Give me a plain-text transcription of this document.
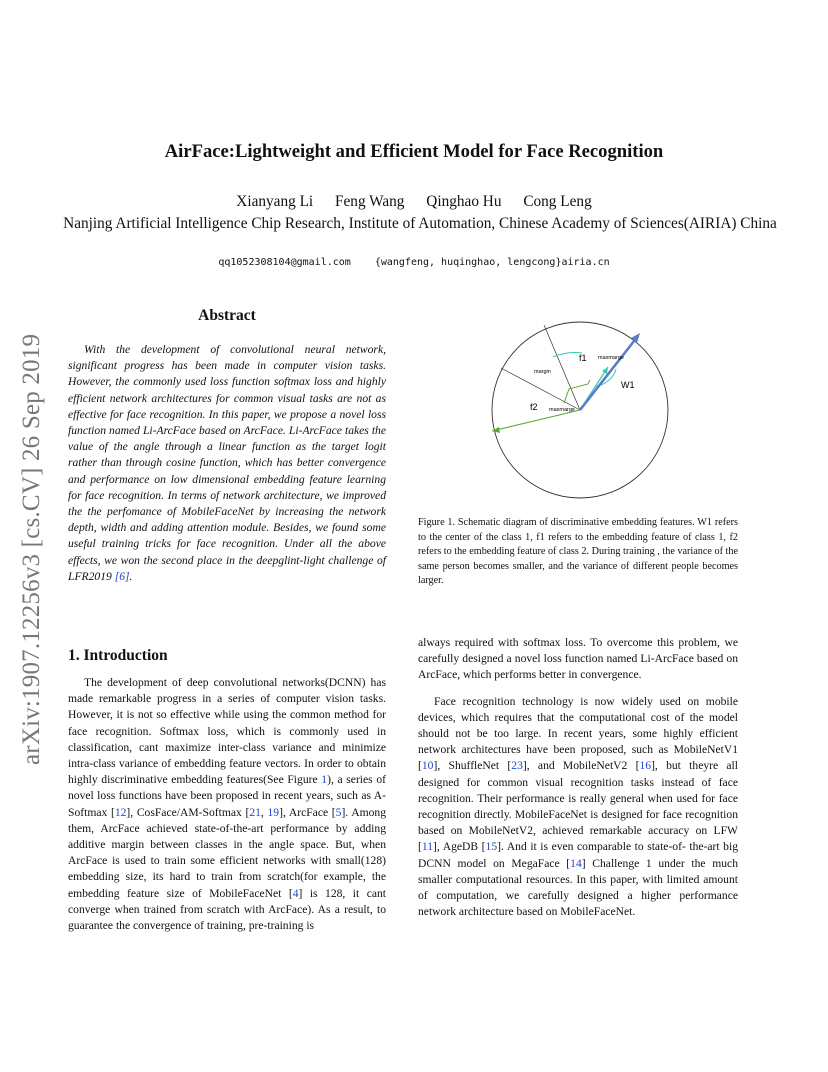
arXiv:1907.12256v3 [cs.CV] 26 Sep 2019
AirFace:Lightweight and Efficient Model for Face Recognition
Xianyang Li Feng Wang Qinghao Hu Cong Leng
Nanjing Artificial Intelligence Chip Research, Institute of Automation, Chinese Academy of Sciences(AIRIA) China
qq1052308104@gmail.com {wangfeng, huqinghao, lengcong}airia.cn
Abstract

With the development of convolutional neural network, significant progress has been made in computer vision tasks. However, the commonly used loss function softmax loss and highly efficient network architectures for common visual tasks are not as effective for face recognition. In this paper, we propose a novel loss function named Li-ArcFace based on ArcFace. Li-ArcFace takes the value of the angle through a linear function as the target logit rather than through cosine function, which has better convergence and performance on low dimensional embedding feature learning for face recognition. In terms of network architecture, we improved the the perfomance of MobileFaceNet by increasing the network depth, width and adding attention module. Besides, we found some useful training tricks for face recognition. Under all the above effects, we won the second place in the deepglint-light challenge of LFR2019 [6].

1. Introduction

The development of deep convolutional networks(DCNN) has made remarkable progress in a series of computer vision tasks. However, it is not so effective while using the common method for face recognition. Softmax loss, which is commonly used in classification, cant maximize inter-class variance and minimize intra-class variance of embedding feature vectors. In order to obtain highly discriminative embedding features(See Figure 1), a series of novel loss functions have been proposed in recent years, such as A-Softmax [12], CosFace/AM-Softmax [21, 19], ArcFace [5]. Among them, ArcFace achieved state-of-the-art performance by adding additive margin between classes in the angle space. But, when ArcFace is used to train some efficient networks with small(128) embedding size, its hard to train from scratch(for example, the embedding feature size of MobileFaceNet [4] is 128, it cant converge when trained from scratch with ArcFace). As a result, to guarantee the convergence of training, pre-training is

always required with softmax loss. To overcome this problem, we carefully designed a novel loss function named Li-ArcFace based on ArcFace, which performs better in convergence.

Face recognition technology is now widely used on mobile devices, which requires that the computational cost of the model should not be too large. In recent years, some highly efficient network architectures have been proposed, such as MobileNetV1 [10], ShuffleNet [23], and MobileNetV2 [16], but theyre all designed for common visual recognition tasks instead of face recognition. Their performance is really general when used for face recognition directly. MobileFaceNet is designed for face recognition based on MobileNetV2, achieved remarkable accuracy on LFW [11], AgeDB [15]. And it is even comparable to state-of- the-art big DCNN model on MegaFace [14] Challenge 1 under the much smaller computational resources. In this paper, with limited amount of computation, we carefully designed a higher performance network architecture based on MobileFaceNet.

f1
f2
W1
margin
maxmarge
maxmarge

Figure 1. Schematic diagram of discriminative embedding features. W1 refers to the center of the class 1, f1 refers to the embedding feature of class 1, f2 refers to the embedding feature of class 2. During training , the variance of the same person becomes smaller, and the variance of different people becomes larger.
